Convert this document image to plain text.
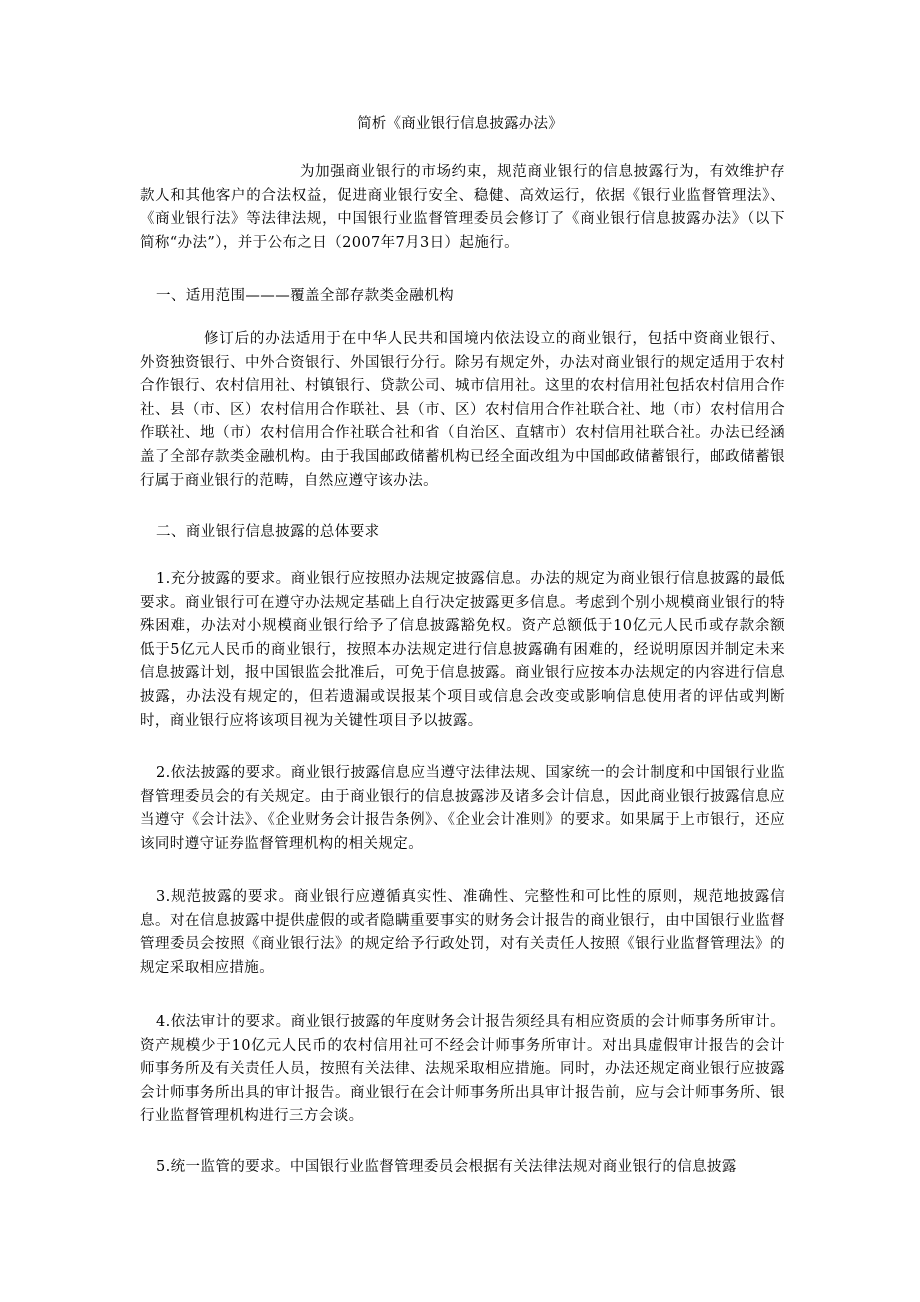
简析《商业银行信息披露办法》
为加强商业银行的市场约束，规范商业银行的信息披露行为，有效维护存款人和其他客户的合法权益，促进商业银行安全、稳健、高效运行，依据《银行业监督管理法》、《商业银行法》等法律法规，中国银行业监督管理委员会修订了《商业银行信息披露办法》（以下简称“办法”），并于公布之日（2007年7月3日）起施行。
一、适用范围———覆盖全部存款类金融机构
修订后的办法适用于在中华人民共和国境内依法设立的商业银行，包括中资商业银行、外资独资银行、中外合资银行、外国银行分行。除另有规定外，办法对商业银行的规定适用于农村合作银行、农村信用社、村镇银行、贷款公司、城市信用社。这里的农村信用社包括农村信用合作社、县（市、区）农村信用合作联社、县（市、区）农村信用合作社联合社、地（市）农村信用合作联社、地（市）农村信用合作社联合社和省（自治区、直辖市）农村信用社联合社。办法已经涵盖了全部存款类金融机构。由于我国邮政储蓄机构已经全面改组为中国邮政储蓄银行，邮政储蓄银行属于商业银行的范畴，自然应遵守该办法。
二、商业银行信息披露的总体要求
1.充分披露的要求。商业银行应按照办法规定披露信息。办法的规定为商业银行信息披露的最低要求。商业银行可在遵守办法规定基础上自行决定披露更多信息。考虑到个别小规模商业银行的特殊困难，办法对小规模商业银行给予了信息披露豁免权。资产总额低于10亿元人民币或存款余额低于5亿元人民币的商业银行，按照本办法规定进行信息披露确有困难的，经说明原因并制定未来信息披露计划，报中国银监会批准后，可免于信息披露。商业银行应按本办法规定的内容进行信息披露，办法没有规定的，但若遗漏或误报某个项目或信息会改变或影响信息使用者的评估或判断时，商业银行应将该项目视为关键性项目予以披露。
2.依法披露的要求。商业银行披露信息应当遵守法律法规、国家统一的会计制度和中国银行业监督管理委员会的有关规定。由于商业银行的信息披露涉及诸多会计信息，因此商业银行披露信息应当遵守《会计法》、《企业财务会计报告条例》、《企业会计准则》的要求。如果属于上市银行，还应该同时遵守证券监督管理机构的相关规定。
3.规范披露的要求。商业银行应遵循真实性、准确性、完整性和可比性的原则，规范地披露信息。对在信息披露中提供虚假的或者隐瞒重要事实的财务会计报告的商业银行，由中国银行业监督管理委员会按照《商业银行法》的规定给予行政处罚，对有关责任人按照《银行业监督管理法》的规定采取相应措施。
4.依法审计的要求。商业银行披露的年度财务会计报告须经具有相应资质的会计师事务所审计。资产规模少于10亿元人民币的农村信用社可不经会计师事务所审计。对出具虚假审计报告的会计师事务所及有关责任人员，按照有关法律、法规采取相应措施。同时，办法还规定商业银行应披露会计师事务所出具的审计报告。商业银行在会计师事务所出具审计报告前，应与会计师事务所、银行业监督管理机构进行三方会谈。
5.统一监管的要求。中国银行业监督管理委员会根据有关法律法规对商业银行的信息披露
